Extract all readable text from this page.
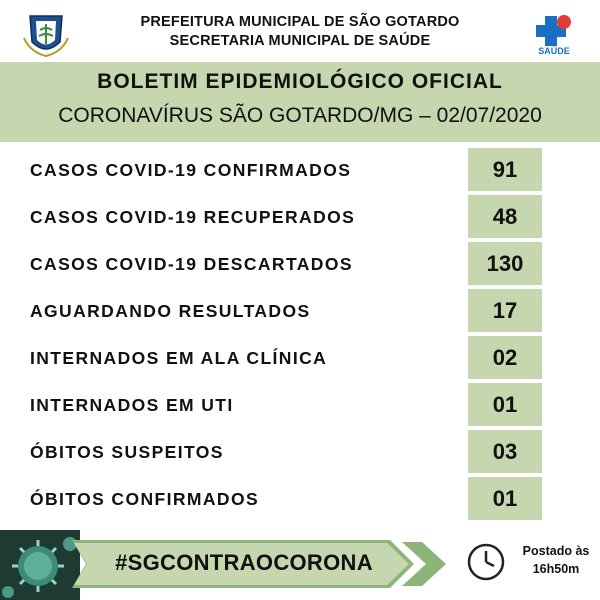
PREFEITURA MUNICIPAL DE SÃO GOTARDO
SECRETARIA MUNICIPAL DE SAÚDE
SAÚDE
BOLETIM EPIDEMIOLÓGICO OFICIAL
CORONAVÍRUS SÃO GOTARDO/MG – 02/07/2020
CASOS COVID-19 CONFIRMADOS	91
CASOS COVID-19 RECUPERADOS	48
CASOS COVID-19 DESCARTADOS	130
AGUARDANDO RESULTADOS	17
INTERNADOS EM ALA CLÍNICA	02
INTERNADOS EM UTI	01
ÓBITOS SUSPEITOS	03
ÓBITOS CONFIRMADOS	01
#SGCONTRAOCORONA	Postado às
16h50m
